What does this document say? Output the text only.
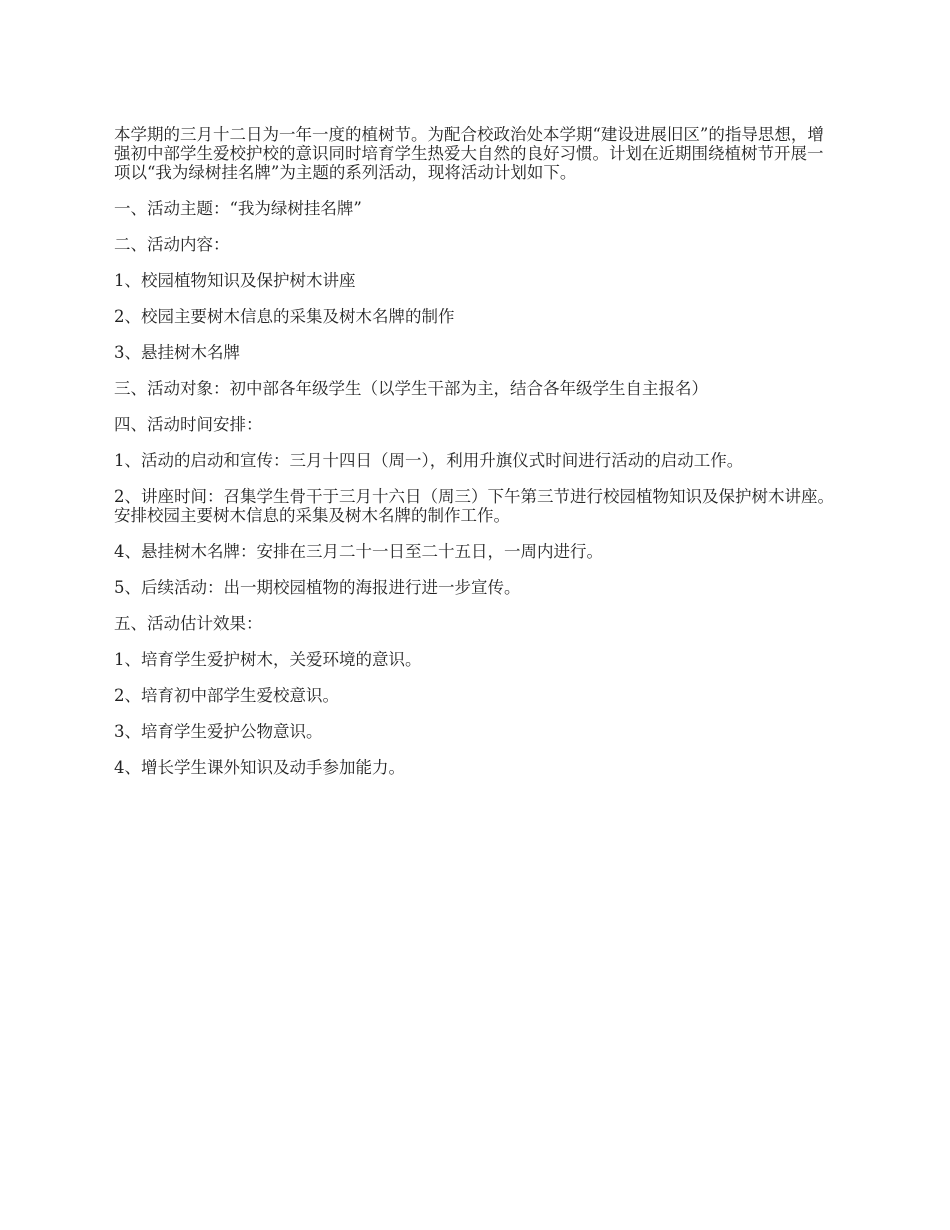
本学期的三月十二日为一年一度的植树节。为配合校政治处本学期“建设进展旧区”的指导思想，增强初中部学生爱校护校的意识同时培育学生热爱大自然的良好习惯。计划在近期围绕植树节开展一项以“我为绿树挂名牌”为主题的系列活动，现将活动计划如下。

一、活动主题：“我为绿树挂名牌”

二、活动内容：

1、校园植物知识及保护树木讲座

2、校园主要树木信息的采集及树木名牌的制作

3、悬挂树木名牌

三、活动对象：初中部各年级学生（以学生干部为主，结合各年级学生自主报名）

四、活动时间安排：

1、活动的启动和宣传：三月十四日（周一），利用升旗仪式时间进行活动的启动工作。

2、讲座时间：召集学生骨干于三月十六日（周三）下午第三节进行校园植物知识及保护树木讲座。安排校园主要树木信息的采集及树木名牌的制作工作。

4、悬挂树木名牌：安排在三月二十一日至二十五日，一周内进行。

5、后续活动：出一期校园植物的海报进行进一步宣传。

五、活动估计效果：

1、培育学生爱护树木，关爱环境的意识。

2、培育初中部学生爱校意识。

3、培育学生爱护公物意识。

4、增长学生课外知识及动手参加能力。
